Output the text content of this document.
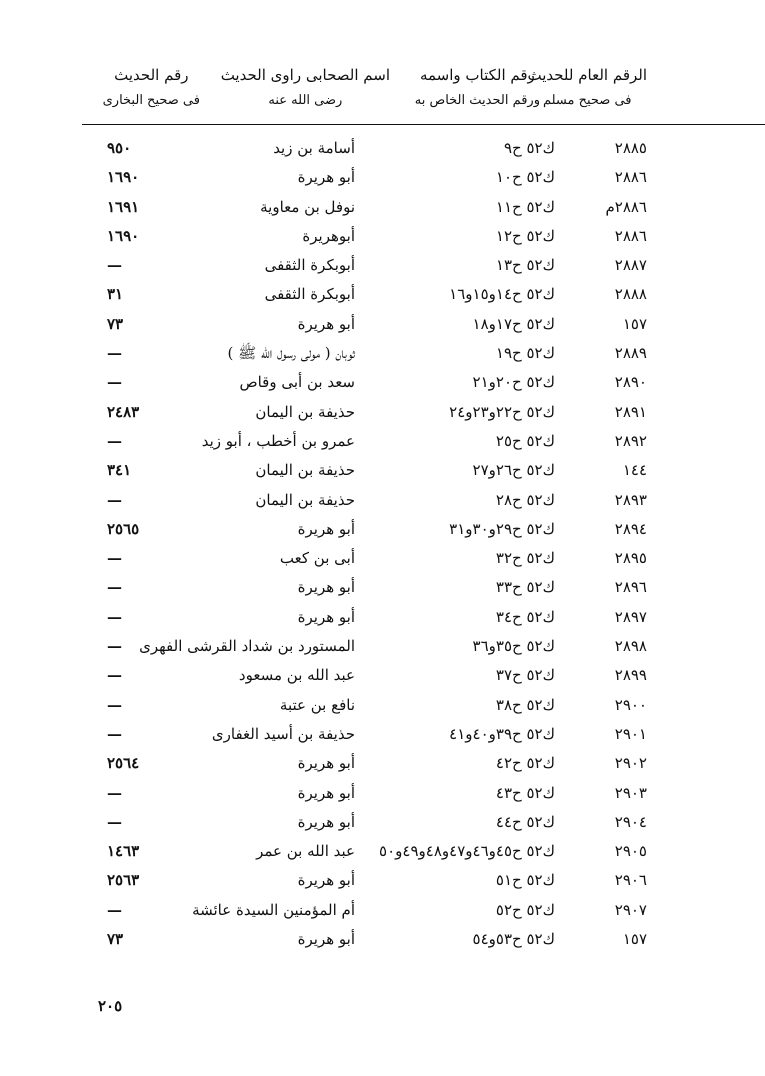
الرقم العام للحديث
فى صحيح مسلم
رقم الكتاب واسمه
ورقم الحديث الخاص به
اسم الصحابى راوى الحديث
رضى الله عنه
رقم الحديث
فى صحيح البخارى
٢٨٨٥
ك٥٢ ح٩
أسامة بن زيد
٩٥٠
٢٨٨٦
ك٥٢ ح١٠
أبو هريرة
١٦٩٠
٢٨٨٦م
ك٥٢ ح١١
نوفل بن معاوية
١٦٩١
٢٨٨٦
ك٥٢ ح١٢
أبوهريرة
١٦٩٠
٢٨٨٧
ك٥٢ ح١٣
أبوبكرة الثقفى
—
٢٨٨٨
ك٥٢ ح١٤و١٥و١٦
أبوبكرة الثقفى
٣١
١٥٧
ك٥٢ ح١٧و١٨
أبو هريرة
٧٣
٢٨٨٩
ك٥٢ ح١٩
ثوبان ( مولى رسول الله ﷺ )
—
٢٨٩٠
ك٥٢ ح٢٠و٢١
سعد بن أبى وقاص
—
٢٨٩١
ك٥٢ ح٢٢و٢٣و٢٤
حذيفة بن اليمان
٢٤٨٣
٢٨٩٢
ك٥٢ ح٢٥
عمرو بن أخطب ، أبو زيد
—
١٤٤
ك٥٢ ح٢٦و٢٧
حذيفة بن اليمان
٣٤١
٢٨٩٣
ك٥٢ ح٢٨
حذيفة بن اليمان
—
٢٨٩٤
ك٥٢ ح٢٩و٣٠و٣١
أبو هريرة
٢٥٦٥
٢٨٩٥
ك٥٢ ح٣٢
أبى بن كعب
—
٢٨٩٦
ك٥٢ ح٣٣
أبو هريرة
—
٢٨٩٧
ك٥٢ ح٣٤
أبو هريرة
—
٢٨٩٨
ك٥٢ ح٣٥و٣٦
المستورد بن شداد القرشى الفهرى
—
٢٨٩٩
ك٥٢ ح٣٧
عبد الله بن مسعود
—
٢٩٠٠
ك٥٢ ح٣٨
نافع بن عتبة
—
٢٩٠١
ك٥٢ ح٣٩و٤٠و٤١
حذيفة بن أسيد الغفارى
—
٢٩٠٢
ك٥٢ ح٤٢
أبو هريرة
٢٥٦٤
٢٩٠٣
ك٥٢ ح٤٣
أبو هريرة
—
٢٩٠٤
ك٥٢ ح٤٤
أبو هريرة
—
٢٩٠٥
ك٥٢ ح٤٥و٤٦و٤٧و٤٨و٤٩و٥٠
عبد الله بن عمر
١٤٦٣
٢٩٠٦
ك٥٢ ح٥١
أبو هريرة
٢٥٦٣
٢٩٠٧
ك٥٢ ح٥٢
أم المؤمنين السيدة عائشة
—
١٥٧
ك٥٢ ح٥٣و٥٤
أبو هريرة
٧٣
٢٠٥
